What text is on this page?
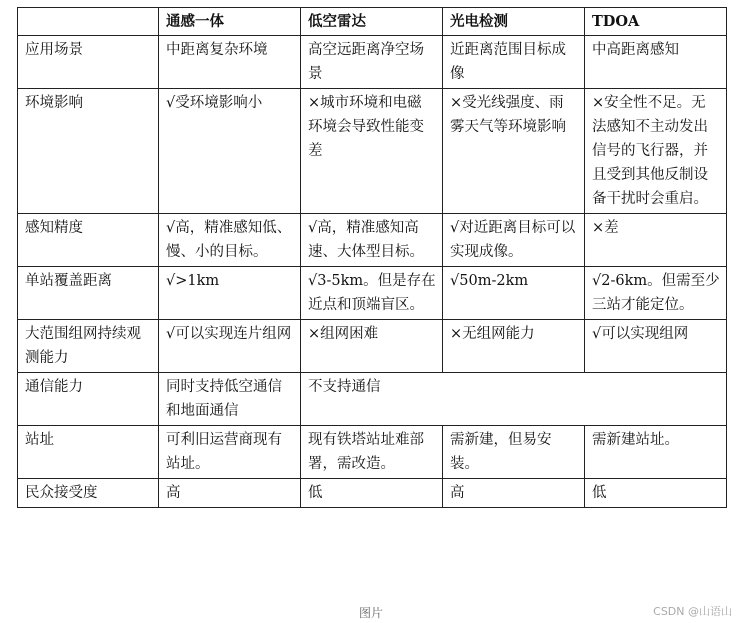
	通感一体	低空雷达	光电检测	TDOA
应用场景	中距离复杂环境	高空远距离净空场景	近距离范围目标成像	中高距离感知
环境影响	√受环境影响小	×城市环境和电磁环境会导致性能变差	×受光线强度、雨雾天气等环境影响	×安全性不足。无法感知不主动发出信号的飞行器，并且受到其他反制设备干扰时会重启。
感知精度	√高，精准感知低、慢、小的目标。	√高，精准感知高速、大体型目标。	√对近距离目标可以实现成像。	×差
单站覆盖距离	√>1km	√3-5km。但是存在近点和顶端盲区。	√50m-2km	√2-6km。但需至少三站才能定位。
大范围组网持续观测能力	√可以实现连片组网	×组网困难	×无组网能力	√可以实现组网
通信能力	同时支持低空通信和地面通信	不支持通信		
站址	可利旧运营商现有站址。	现有铁塔站址难部署，需改造。	需新建，但易安装。	需新建站址。
民众接受度	高	低	高	低
图片	CSDN @山语山
